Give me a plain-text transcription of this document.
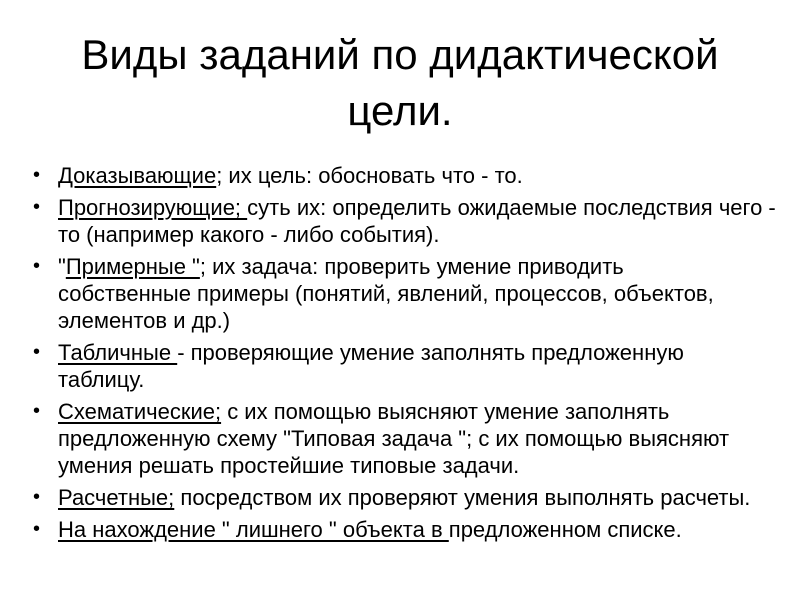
Виды заданий по дидактической цели.
• Доказывающие; их цель: обосновать что - то.
• Прогнозирующие; суть их: определить ожидаемые последствия чего - то (например какого - либо события).
• "Примерные "; их задача: проверить умение приводить собственные примеры (понятий, явлений, процессов, объектов, элементов и др.)
• Табличные - проверяющие умение заполнять предложенную таблицу.
• Схематические; с их помощью выясняют умение заполнять предложенную схему "Типовая задача "; с их помощью выясняют умения решать простейшие типовые задачи.
• Расчетные; посредством их проверяют умения выполнять расчеты.
• На нахождение " лишнего " объекта в предложенном списке.
